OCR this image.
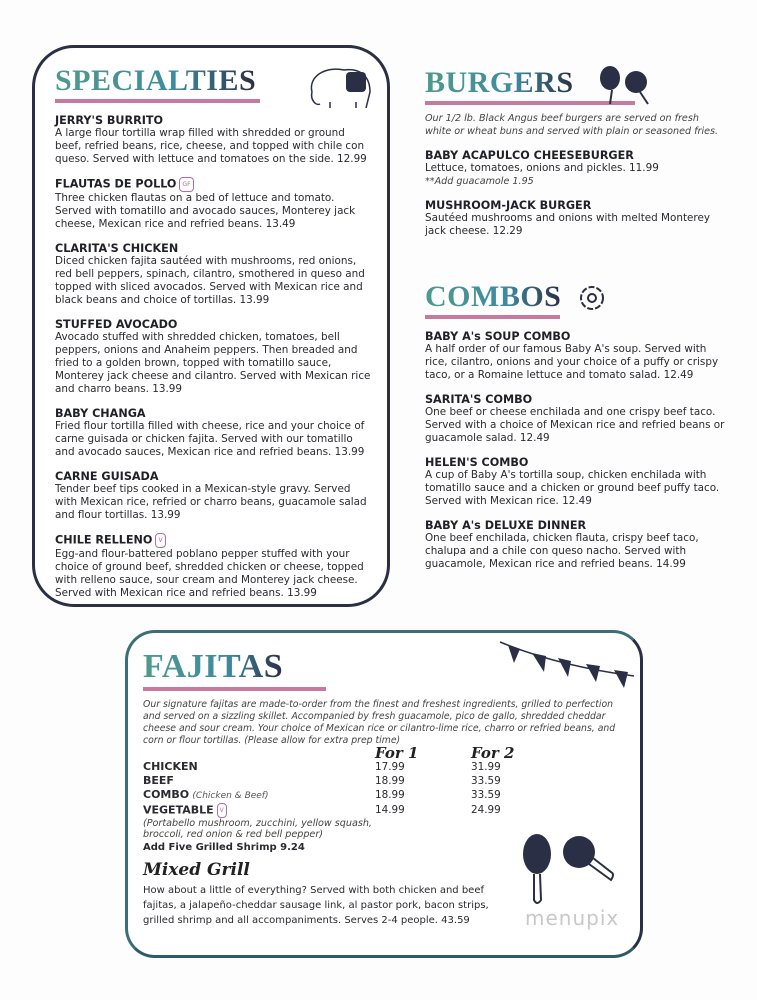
SPECIALTIES
JERRY'S BURRITO
A large flour tortilla wrap filled with shredded or ground beef, refried beans, rice, cheese, and topped with chile con queso. Served with lettuce and tomatoes on the side. 12.99
FLAUTAS DE POLLO GF
Three chicken flautas on a bed of lettuce and tomato. Served with tomatillo and avocado sauces, Monterey jack cheese, Mexican rice and refried beans. 13.49
CLARITA'S CHICKEN
Diced chicken fajita sautéed with mushrooms, red onions, red bell peppers, spinach, cilantro, smothered in queso and topped with sliced avocados. Served with Mexican rice and black beans and choice of tortillas. 13.99
STUFFED AVOCADO
Avocado stuffed with shredded chicken, tomatoes, bell peppers, onions and Anaheim peppers. Then breaded and fried to a golden brown, topped with tomatillo sauce, Monterey jack cheese and cilantro. Served with Mexican rice and charro beans. 13.99
BABY CHANGA
Fried flour tortilla filled with cheese, rice and your choice of carne guisada or chicken fajita. Served with our tomatillo and avocado sauces, Mexican rice and refried beans. 13.99
CARNE GUISADA
Tender beef tips cooked in a Mexican-style gravy. Served with Mexican rice, refried or charro beans, guacamole salad and flour tortillas. 13.99
CHILE RELLENO V
Egg-and flour-battered poblano pepper stuffed with your choice of ground beef, shredded chicken or cheese, topped with relleno sauce, sour cream and Monterey jack cheese. Served with Mexican rice and refried beans. 13.99
BURGERS
Our 1/2 lb. Black Angus beef burgers are served on fresh white or wheat buns and served with plain or seasoned fries.
BABY ACAPULCO CHEESEBURGER
Lettuce, tomatoes, onions and pickles. 11.99
**Add guacamole 1.95
MUSHROOM-JACK BURGER
Sautéed mushrooms and onions with melted Monterey jack cheese. 12.29
COMBOS
BABY A's SOUP COMBO
A half order of our famous Baby A's soup. Served with rice, cilantro, onions and your choice of a puffy or crispy taco, or a Romaine lettuce and tomato salad. 12.49
SARITA'S COMBO
One beef or cheese enchilada and one crispy beef taco. Served with a choice of Mexican rice and refried beans or guacamole salad. 12.49
HELEN'S COMBO
A cup of Baby A's tortilla soup, chicken enchilada with tomatillo sauce and a chicken or ground beef puffy taco. Served with Mexican rice. 12.49
BABY A's DELUXE DINNER
One beef enchilada, chicken flauta, crispy beef taco, chalupa and a chile con queso nacho. Served with guacamole, Mexican rice and refried beans. 14.99
FAJITAS
Our signature fajitas are made-to-order from the finest and freshest ingredients, grilled to perfection and served on a sizzling skillet. Accompanied by fresh guacamole, pico de gallo, shredded cheddar cheese and sour cream. Your choice of Mexican rice or cilantro-lime rice, charro or refried beans, and corn or flour tortillas. (Please allow for extra prep time)
	For 1	For 2
CHICKEN	17.99	31.99
BEEF	18.99	33.59
COMBO (Chicken & Beef)	18.99	33.59
VEGETABLE V	14.99	24.99
(Portabello mushroom, zucchini, yellow squash, broccoli, red onion & red bell pepper)
Add Five Grilled Shrimp 9.24
Mixed Grill
How about a little of everything? Served with both chicken and beef fajitas, a jalapeño-cheddar sausage link, al pastor pork, bacon strips, grilled shrimp and all accompaniments. Serves 2-4 people. 43.59	menupix
